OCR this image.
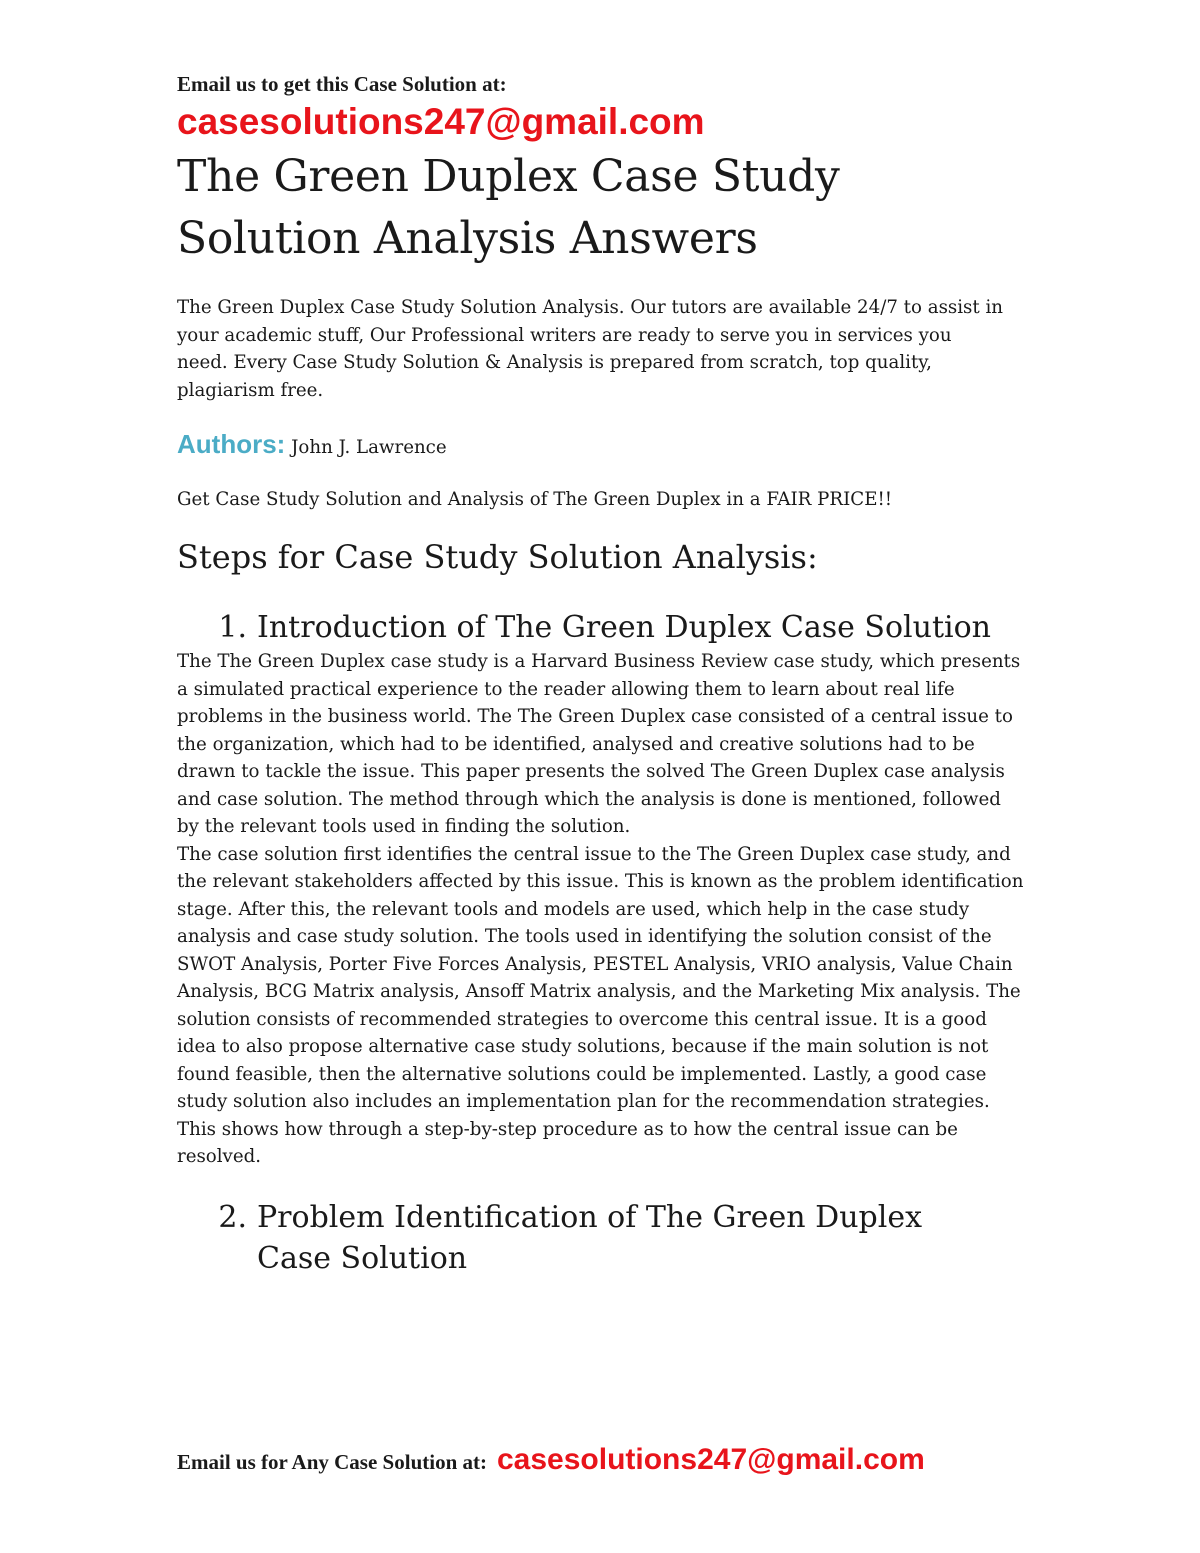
Email us to get this Case Solution at:

casesolutions247@gmail.com

The Green Duplex Case Study
Solution Analysis Answers

The Green Duplex Case Study Solution Analysis. Our tutors are available 24/7 to assist in your academic stuff, Our Professional writers are ready to serve you in services you need. Every Case Study Solution & Analysis is prepared from scratch, top quality, plagiarism free.

Authors: John J. Lawrence

Get Case Study Solution and Analysis of The Green Duplex in a FAIR PRICE!!

Steps for Case Study Solution Analysis:
1. Introduction of The Green Duplex Case Solution

The The Green Duplex case study is a Harvard Business Review case study, which presents a simulated practical experience to the reader allowing them to learn about real life problems in the business world. The The Green Duplex case consisted of a central issue to the organization, which had to be identified, analysed and creative solutions had to be drawn to tackle the issue. This paper presents the solved The Green Duplex case analysis and case solution. The method through which the analysis is done is mentioned, followed by the relevant tools used in finding the solution.

The case solution first identifies the central issue to the The Green Duplex case study, and the relevant stakeholders affected by this issue. This is known as the problem identification stage. After this, the relevant tools and models are used, which help in the case study analysis and case study solution. The tools used in identifying the solution consist of the SWOT Analysis, Porter Five Forces Analysis, PESTEL Analysis, VRIO analysis, Value Chain Analysis, BCG Matrix analysis, Ansoff Matrix analysis, and the Marketing Mix analysis. The solution consists of recommended strategies to overcome this central issue. It is a good idea to also propose alternative case study solutions, because if the main solution is not found feasible, then the alternative solutions could be implemented. Lastly, a good case study solution also includes an implementation plan for the recommendation strategies. This shows how through a step-by-step procedure as to how the central issue can be resolved.

2. Problem Identification of The Green Duplex Case Solution
Email us for Any Case Solution at: casesolutions247@gmail.com
